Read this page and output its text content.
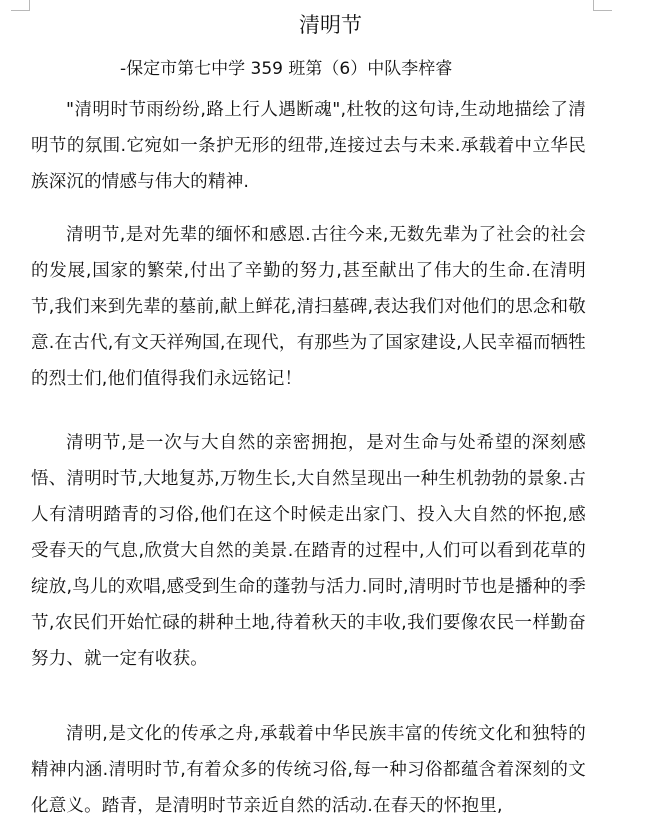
清明节

-保定市第七中学 359 班第（6）中队李梓睿

"清明时节雨纷纷,路上行人遇断魂",杜牧的这句诗,生动地描绘了清明节的氛围.它宛如一条护无形的纽带,连接过去与未来.承载着中立华民族深沉的情感与伟大的精神.

清明节,是对先辈的缅怀和感恩.古往今来,无数先辈为了社会的社会的发展,国家的繁荣,付出了辛勤的努力,甚至献出了伟大的生命.在清明节,我们来到先辈的墓前,献上鲜花,清扫墓碑,表达我们对他们的思念和敬意.在古代,有文天祥殉国,在现代，有那些为了国家建设,人民幸福而牺牲的烈士们,他们值得我们永远铭记！

清明节,是一次与大自然的亲密拥抱，是对生命与处希望的深刻感悟、清明时节,大地复苏,万物生长,大自然呈现出一种生机勃勃的景象.古人有清明踏青的习俗,他们在这个时候走出家门、投入大自然的怀抱,感受春天的气息,欣赏大自然的美景.在踏青的过程中,人们可以看到花草的绽放,鸟儿的欢唱,感受到生命的蓬勃与活力.同时,清明时节也是播种的季节,农民们开始忙碌的耕种土地,待着秋天的丰收,我们要像农民一样勤奋努力、就一定有收获。

清明,是文化的传承之舟,承载着中华民族丰富的传统文化和独特的精神内涵.清明时节,有着众多的传统习俗,每一种习俗都蕴含着深刻的文化意义。踏青，是清明时节亲近自然的活动.在春天的怀抱里,
